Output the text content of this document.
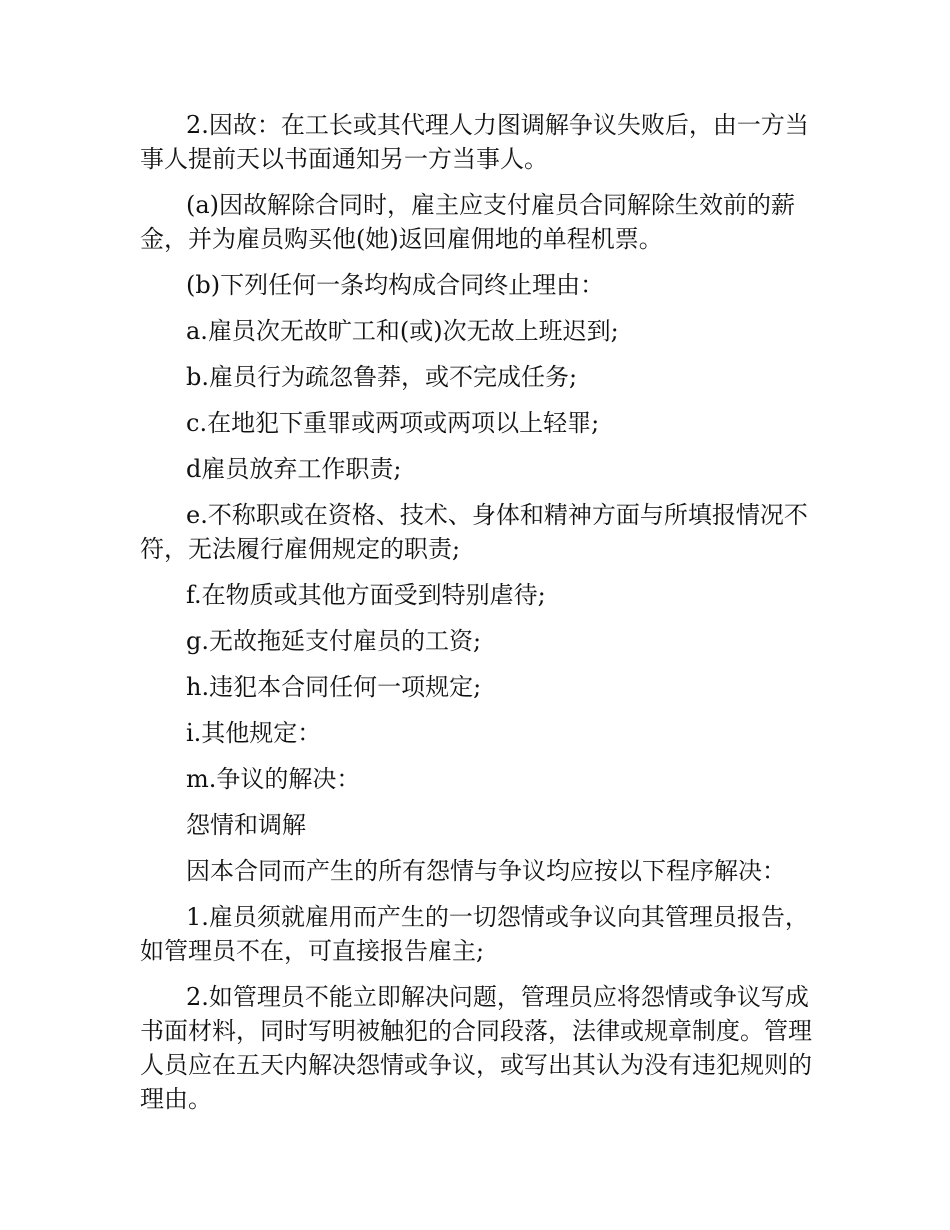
2.因故：在工长或其代理人力图调解争议失败后，由一方当事人提前天以书面通知另一方当事人。

(a)因故解除合同时，雇主应支付雇员合同解除生效前的薪金，并为雇员购买他(她)返回雇佣地的单程机票。

(b)下列任何一条均构成合同终止理由：

a.雇员次无故旷工和(或)次无故上班迟到;

b.雇员行为疏忽鲁莽，或不完成任务;

c.在地犯下重罪或两项或两项以上轻罪;

d雇员放弃工作职责;

e.不称职或在资格、技术、身体和精神方面与所填报情况不符，无法履行雇佣规定的职责;

f.在物质或其他方面受到特别虐待;

g.无故拖延支付雇员的工资;

h.违犯本合同任何一项规定;

i.其他规定：

m.争议的解决：

怨情和调解

因本合同而产生的所有怨情与争议均应按以下程序解决：

1.雇员须就雇用而产生的一切怨情或争议向其管理员报告，如管理员不在，可直接报告雇主;

2.如管理员不能立即解决问题，管理员应将怨情或争议写成书面材料，同时写明被触犯的合同段落，法律或规章制度。管理人员应在五天内解决怨情或争议，或写出其认为没有违犯规则的理由。
